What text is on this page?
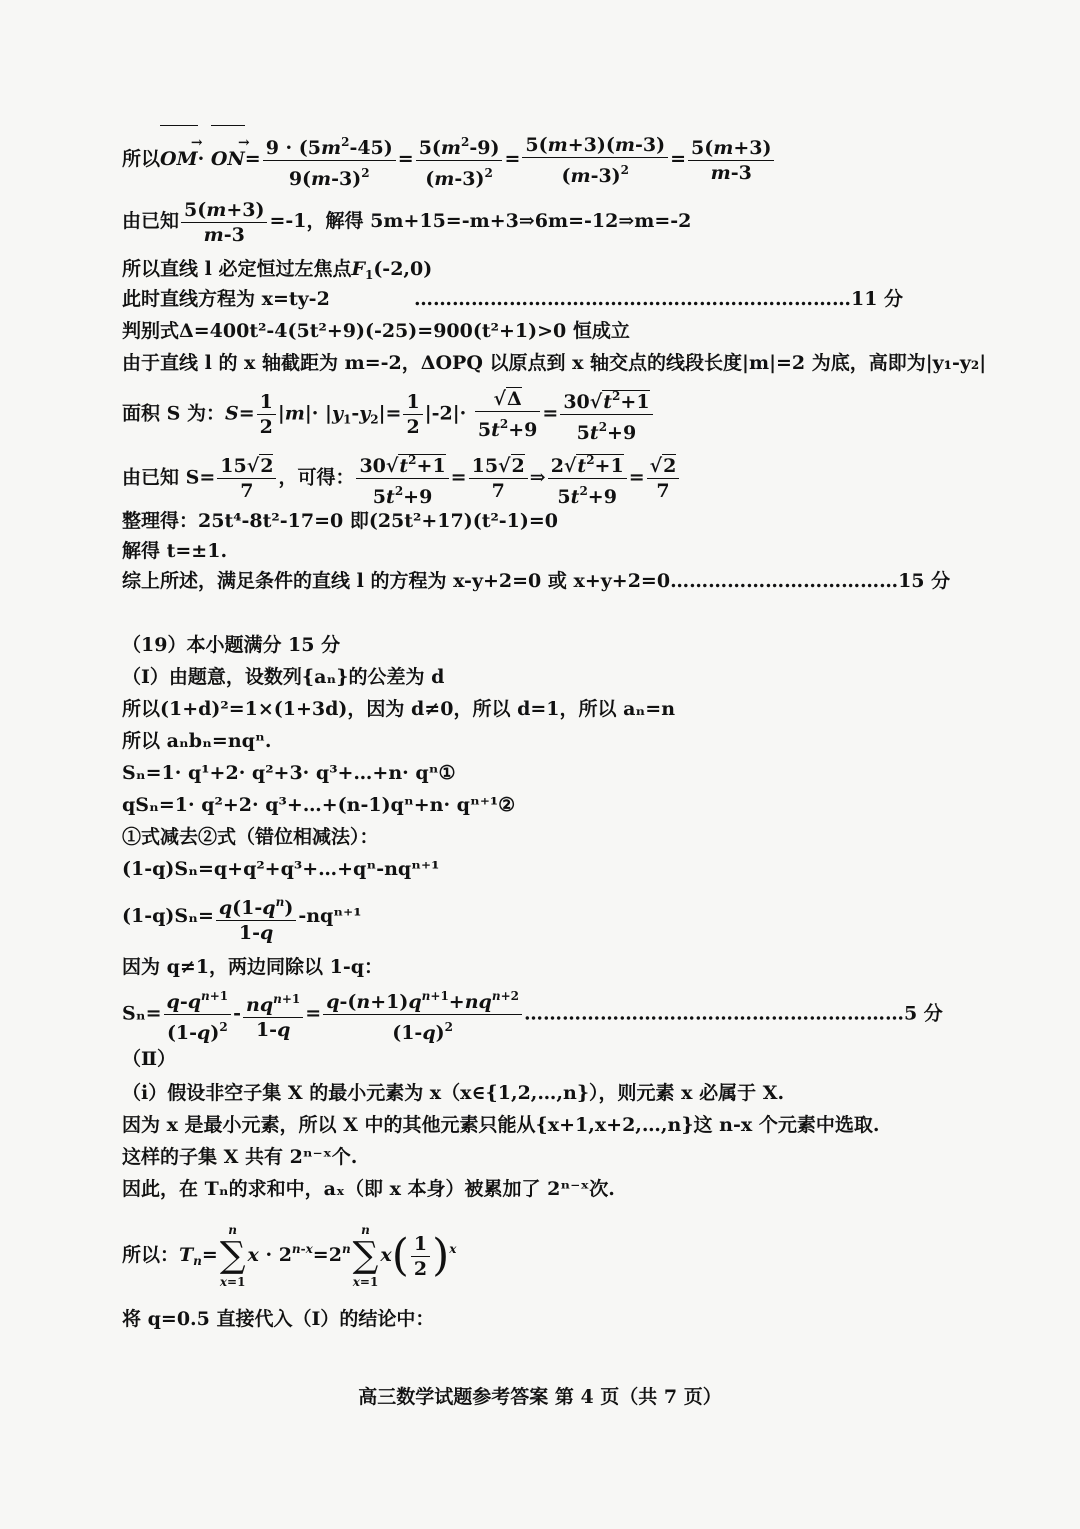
所以OM →· ON →= $\frac{9 \cdot (5m^2-45)}{9(m-3)^2} = \frac{5(m^2-9)}{(m-3)^2} = \frac{5(m+3)(m-3)}{(m-3)^2} = \frac{5(m+3)}{m-3}$
由已知 $\frac{5(m+3)}{m-3} =-1$，解得 5m+15=-m+3⇒6m=-12⇒m=-2
所以直线 l 必定恒过左焦点$F_1(-2,0)$
此时直线方程为 x=ty-2	……………………………………………………………11 分
判别式Δ=400t²-4(5t²+9)(-25)=900(t²+1)>0 恒成立
由于直线 l 的 x 轴截距为 m=-2，ΔOPQ 以原点到 x 轴交点的线段长度|m|=2 为底，高即为|y₁-y₂|
面积 S 为：$S= \frac{1}{2} |m|\cdot |y_1-y_2|= \frac{1}{2} |-2|\cdot \frac{√\Delta}{5t^2+9} = \frac{30√t^2+1}{5t^2+9}$
由已知 $S= \frac{15√2}{7}$ ，可得： $\frac{30√t^2+1}{5t^2+9} = \frac{15√2}{7}$ ⇒ $\frac{2√t^2+1}{5t^2+9} = \frac{√2}{7}$
整理得：25t⁴-8t²-17=0 即(25t²+17)(t²-1)=0
解得 t=±1.
综上所述，满足条件的直线 l 的方程为 x-y+2=0 或 x+y+2=0………………………………15 分
（19）本小题满分 15 分
（Ⅰ）由题意，设数列{aₙ}的公差为 d
所以(1+d)²=1×(1+3d)，因为 d≠0，所以 d=1，所以 aₙ=n
所以 aₙbₙ=nqⁿ.
Sₙ=1· q¹+2· q²+3· q³+…+n· qⁿ①
qSₙ=1· q²+2· q³+…+(n-1)qⁿ+n· qⁿ⁺¹②
①式减去②式（错位相减法）：
(1-q)Sₙ=q+q²+q³+…+qⁿ-nqⁿ⁺¹
$(1-q)S_n= \frac{q(1-q^n)}{1-q} -nq^{n+1}$
因为 q≠1，两边同除以 1-q：
$S_n= \frac{q-q^{n+1}}{(1-q)^2} - \frac{nq^{n+1}}{1-q} = \frac{q-(n+1)q^{n+1}+nq^{n+2}}{(1-q)^2}$ ……………………………………………………5 分
（Ⅱ）
（ⅰ）假设非空子集 X 的最小元素为 x（x∈{1,2,…,n}），则元素 x 必属于 X.
因为 x 是最小元素，所以 X 中的其他元素只能从{x+1,x+2,…,n}这 n-x 个元素中选取.
这样的子集 X 共有 2ⁿ⁻ˣ个.
因此，在 Tₙ的求和中，aₓ（即 x 本身）被累加了 2ⁿ⁻ˣ次.
所以：$T_n=$
n
∑
x=1
$x \cdot 2^{n-x}=2^n$
n
∑
x=1
$x( \frac{1}{2} )^x$
将 q=0.5 直接代入（Ⅰ）的结论中：
高三数学试题参考答案 第 4 页（共 7 页）
